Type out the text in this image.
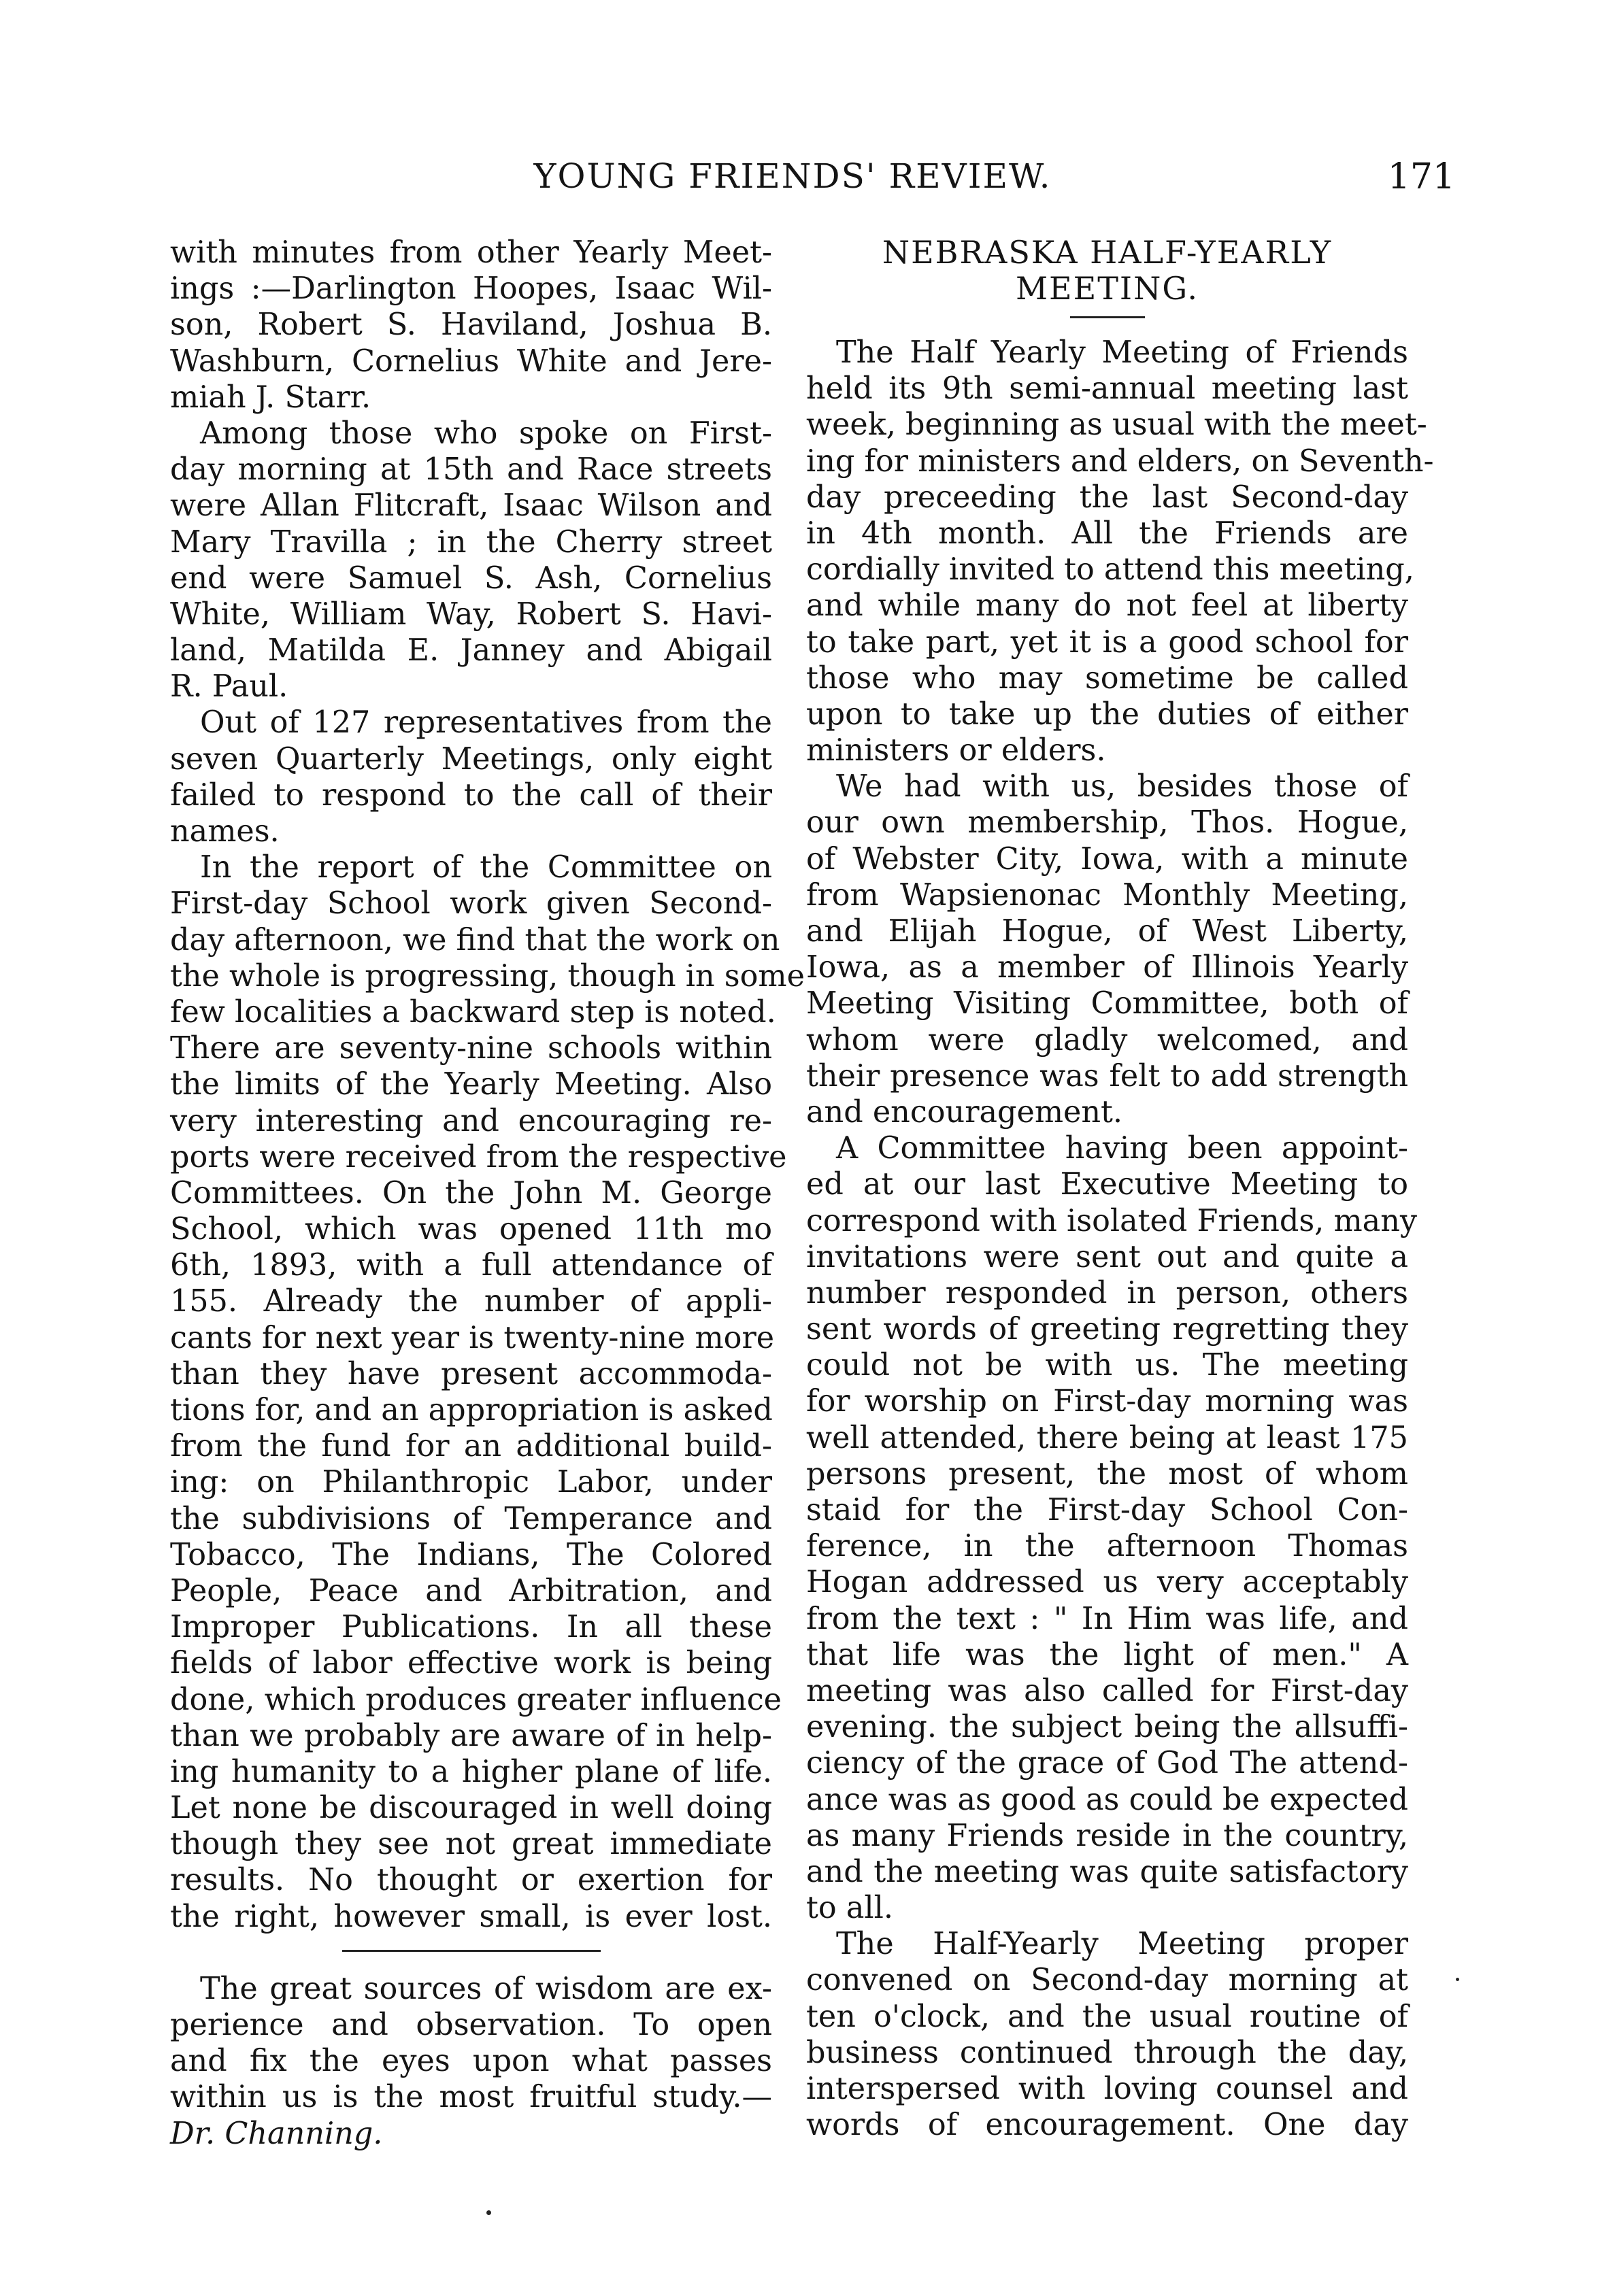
YOUNG FRIENDS' REVIEW.	171
with minutes from other Yearly Meet-
ings :—Darlington Hoopes, Isaac Wil-
son, Robert S. Haviland, Joshua B.
Washburn, Cornelius White and Jere-
miah J. Starr.
Among those who spoke on First-
day morning at 15th and Race streets
were Allan Flitcraft, Isaac Wilson and
Mary Travilla ; in the Cherry street
end were Samuel S. Ash, Cornelius
White, William Way, Robert S. Havi-
land, Matilda E. Janney and Abigail
R. Paul.
Out of 127 representatives from the
seven Quarterly Meetings, only eight
failed to respond to the call of their
names.
In the report of the Committee on
First-day School work given Second-
day afternoon, we find that the work on
the whole is progressing, though in some
few localities a backward step is noted.
There are seventy-nine schools within
the limits of the Yearly Meeting. Also
very interesting and encouraging re-
ports were received from the respective
Committees. On the John M. George
School, which was opened 11th mo
6th, 1893, with a full attendance of
155. Already the number of appli-
cants for next year is twenty-nine more
than they have present accommoda-
tions for, and an appropriation is asked
from the fund for an additional build-
ing: on Philanthropic Labor, under
the subdivisions of Temperance and
Tobacco, The Indians, The Colored
People, Peace and Arbitration, and
Improper Publications. In all these
fields of labor effective work is being
done, which produces greater influence
than we probably are aware of in help-
ing humanity to a higher plane of life.
Let none be discouraged in well doing
though they see not great immediate
results. No thought or exertion for
the right, however small, is ever lost.
The great sources of wisdom are ex-
perience and observation. To open
and fix the eyes upon what passes
within us is the most fruitful study.—
Dr. Channing.
NEBRASKA HALF-YEARLY
MEETING.
The Half Yearly Meeting of Friends
held its 9th semi-annual meeting last
week, beginning as usual with the meet-
ing for ministers and elders, on Seventh-
day preceeding the last Second-day
in 4th month. All the Friends are
cordially invited to attend this meeting,
and while many do not feel at liberty
to take part, yet it is a good school for
those who may sometime be called
upon to take up the duties of either
ministers or elders.
We had with us, besides those of
our own membership, Thos. Hogue,
of Webster City, Iowa, with a minute
from Wapsienonac Monthly Meeting,
and Elijah Hogue, of West Liberty,
Iowa, as a member of Illinois Yearly
Meeting Visiting Committee, both of
whom were gladly welcomed, and
their presence was felt to add strength
and encouragement.
A Committee having been appoint-
ed at our last Executive Meeting to
correspond with isolated Friends, many
invitations were sent out and quite a
number responded in person, others
sent words of greeting regretting they
could not be with us. The meeting
for worship on First-day morning was
well attended, there being at least 175
persons present, the most of whom
staid for the First-day School Con-
ference, in the afternoon Thomas
Hogan addressed us very acceptably
from the text : " In Him was life, and
that life was the light of men." A
meeting was also called for First-day
evening. the subject being the allsuffi-
ciency of the grace of God The attend-
ance was as good as could be expected
as many Friends reside in the country,
and the meeting was quite satisfactory
to all.
The Half-Yearly Meeting proper
convened on Second-day morning at
ten o'clock, and the usual routine of
business continued through the day,
interspersed with loving counsel and
words of encouragement. One day
